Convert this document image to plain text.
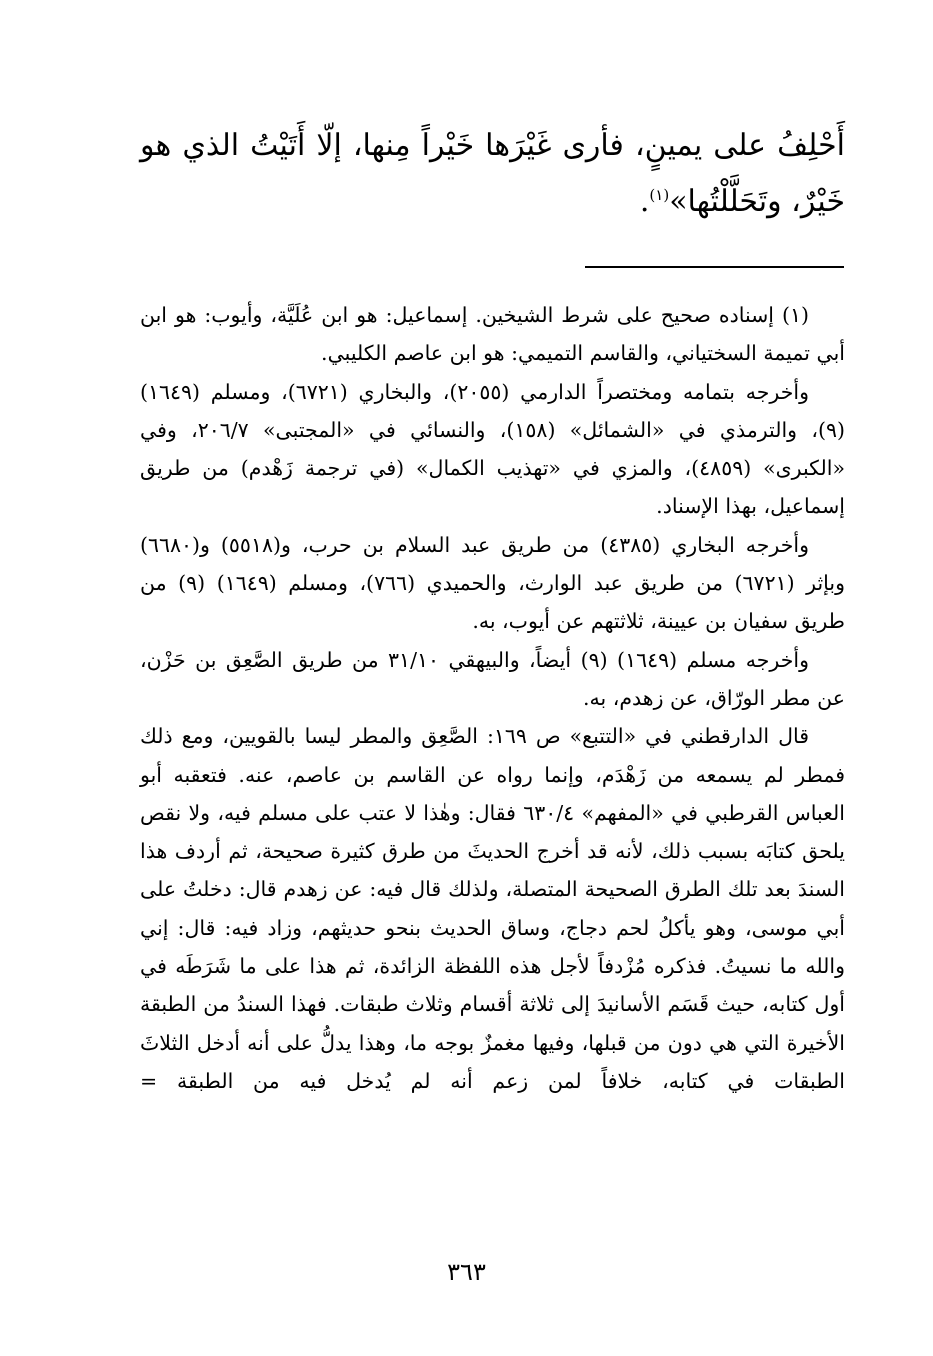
أَحْلِفُ على يمينٍ، فأرى غَيْرَها خَيْراً مِنها، إلّا أَتَيْتُ الذي هو خَيْرٌ، وتَحَلَّلْتُها»$^{(١)}$.

(١) إسناده صحيح على شرط الشيخين. إسماعيل: هو ابن عُلَيَّة، وأيوب: هو ابن أبي تميمة السختياني، والقاسم التميمي: هو ابن عاصم الكليبي.

وأخرجه بتمامه ومختصراً الدارمي (٢٠٥٥)، والبخاري (٦٧٢١)، ومسلم (١٦٤٩) (٩)، والترمذي في «الشمائل» (١٥٨)، والنسائي في «المجتبى» ٢٠٦/٧، وفي «الكبرى» (٤٨٥٩)، والمزي في «تهذيب الكمال» (في ترجمة زَهْدم) من طريق إسماعيل، بهذا الإسناد.

وأخرجه البخاري (٤٣٨٥) من طريق عبد السلام بن حرب، و(٥٥١٨) و(٦٦٨٠) وبإثر (٦٧٢١) من طريق عبد الوارث، والحميدي (٧٦٦)، ومسلم (١٦٤٩) (٩) من طريق سفيان بن عيينة، ثلاثتهم عن أيوب، به.

وأخرجه مسلم (١٦٤٩) (٩) أيضاً، والبيهقي ٣١/١٠ من طريق الصَّعِق بن حَزْن، عن مطر الورّاق، عن زهدم، به.

قال الدارقطني في «التتبع» ص ١٦٩: الصَّعِق والمطر ليسا بالقويين، ومع ذلك فمطر لم يسمعه من زَهْدَم، وإنما رواه عن القاسم بن عاصم، عنه. فتعقبه أبو العباس القرطبي في «المفهم» ٦٣٠/٤ فقال: وهٰذا لا عتب على مسلم فيه، ولا نقص يلحق كتابَه بسبب ذلك، لأنه قد أخرج الحديثَ من طرق كثيرة صحيحة، ثم أردف هذا السندَ بعد تلك الطرق الصحيحة المتصلة، ولذلك قال فيه: عن زهدم قال: دخلتُ على أبي موسى، وهو يأكلُ لحم دجاج، وساق الحديث بنحو حديثهم، وزاد فيه: قال: إني والله ما نسيتُ. فذكره مُزْدفاً لأجل هذه اللفظة الزائدة، ثم هذا على ما شَرَطَه في أول كتابه، حيث قَسَم الأسانيدَ إلى ثلاثة أقسام وثلاث طبقات. فهذا السندُ من الطبقة الأخيرة التي هي دون من قبلها، وفيها مغمزٌ بوجه ما، وهذا يدلُّ على أنه أدخل الثلاثَ الطبقات في كتابه، خلافاً لمن زعم أنه لم يُدخل فيه من الطبقة =

٣٦٣
